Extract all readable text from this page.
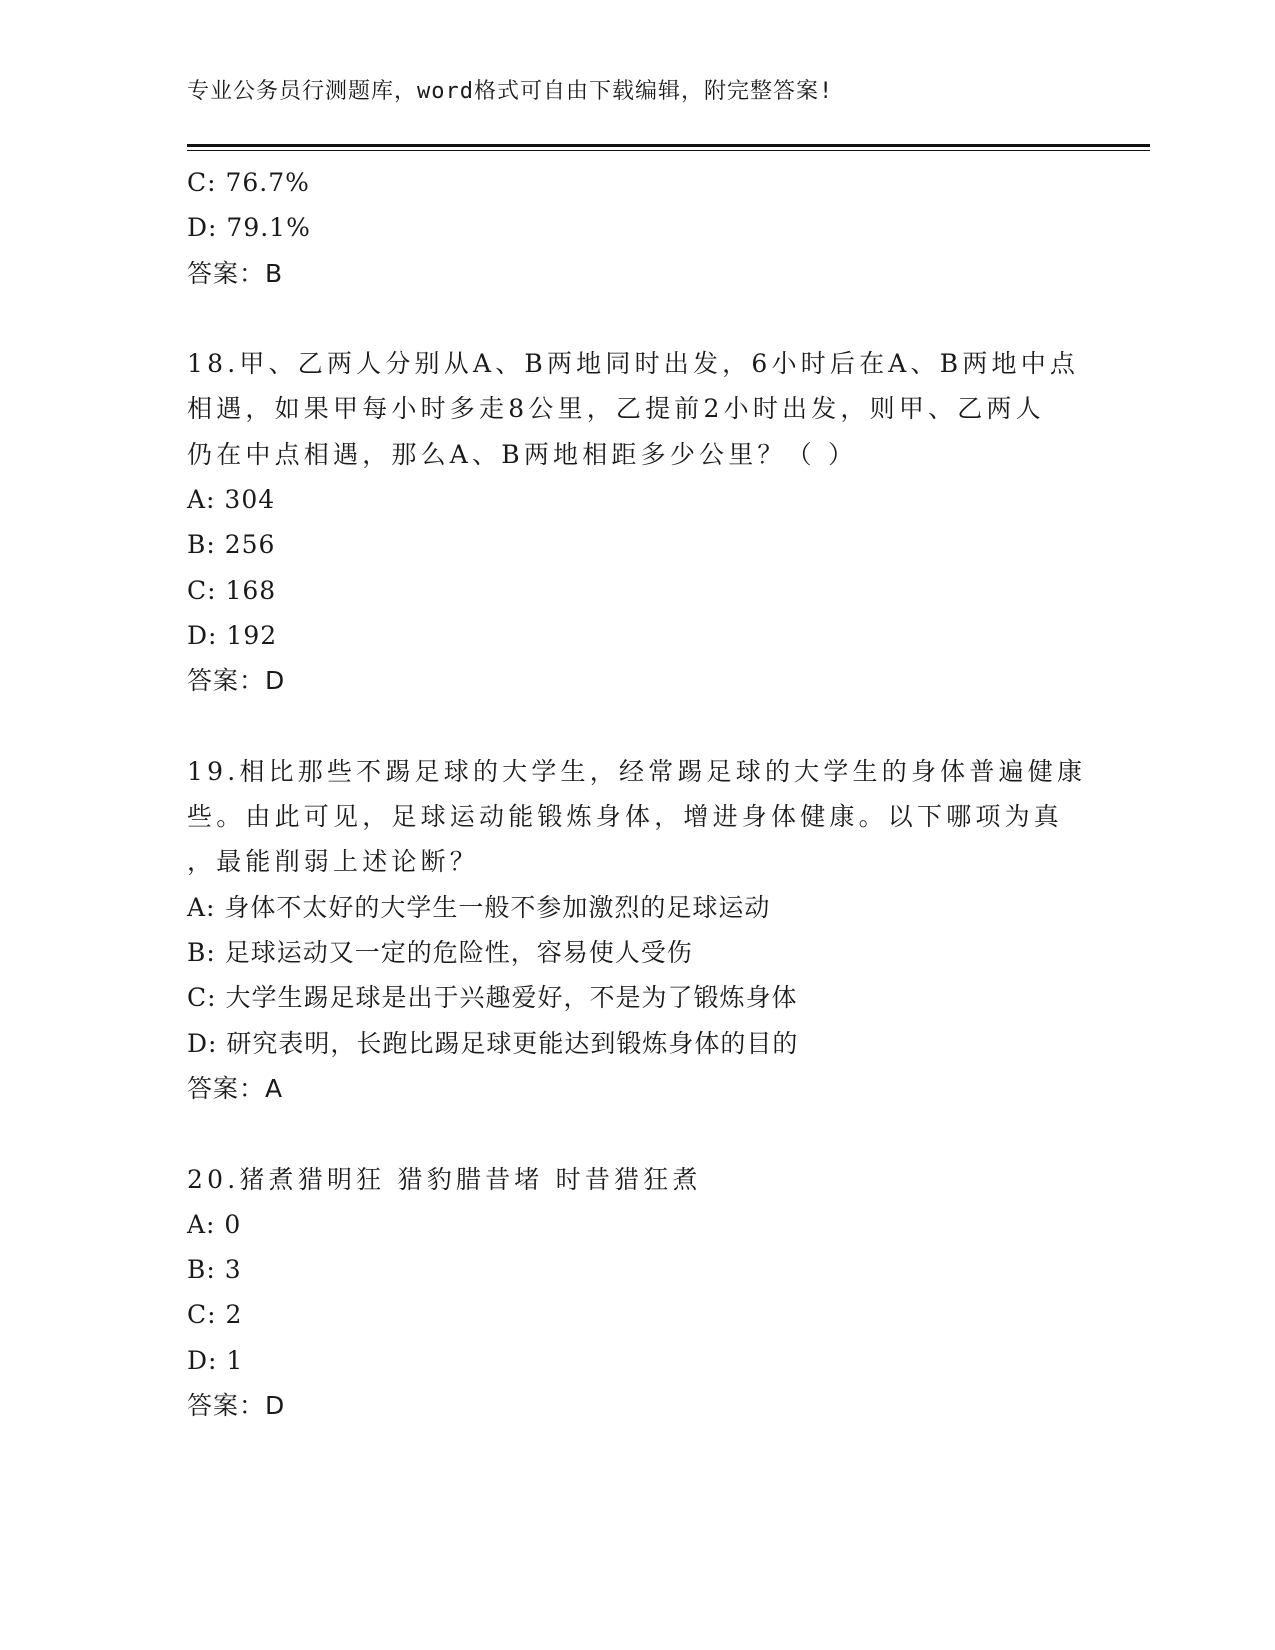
专业公务员行测题库，word格式可自由下载编辑，附完整答案!
C: 76.7%
D: 79.1%
答案：B
18.甲、乙两人分别从A、B两地同时出发，6小时后在A、B两地中点
相遇，如果甲每小时多走8公里，乙提前2小时出发，则甲、乙两人
仍在中点相遇，那么A、B两地相距多少公里？（ ）
A: 304
B: 256
C: 168
D: 192
答案：D
19.相比那些不踢足球的大学生，经常踢足球的大学生的身体普遍健康
些。由此可见，足球运动能锻炼身体，增进身体健康。以下哪项为真
，最能削弱上述论断？
A: 身体不太好的大学生一般不参加激烈的足球运动
B: 足球运动又一定的危险性，容易使人受伤
C: 大学生踢足球是出于兴趣爱好，不是为了锻炼身体
D: 研究表明，长跑比踢足球更能达到锻炼身体的目的
答案：A
20.猪煮猎明狂 猎豹腊昔堵 时昔猎狂煮
A: 0
B: 3
C: 2
D: 1
答案：D
